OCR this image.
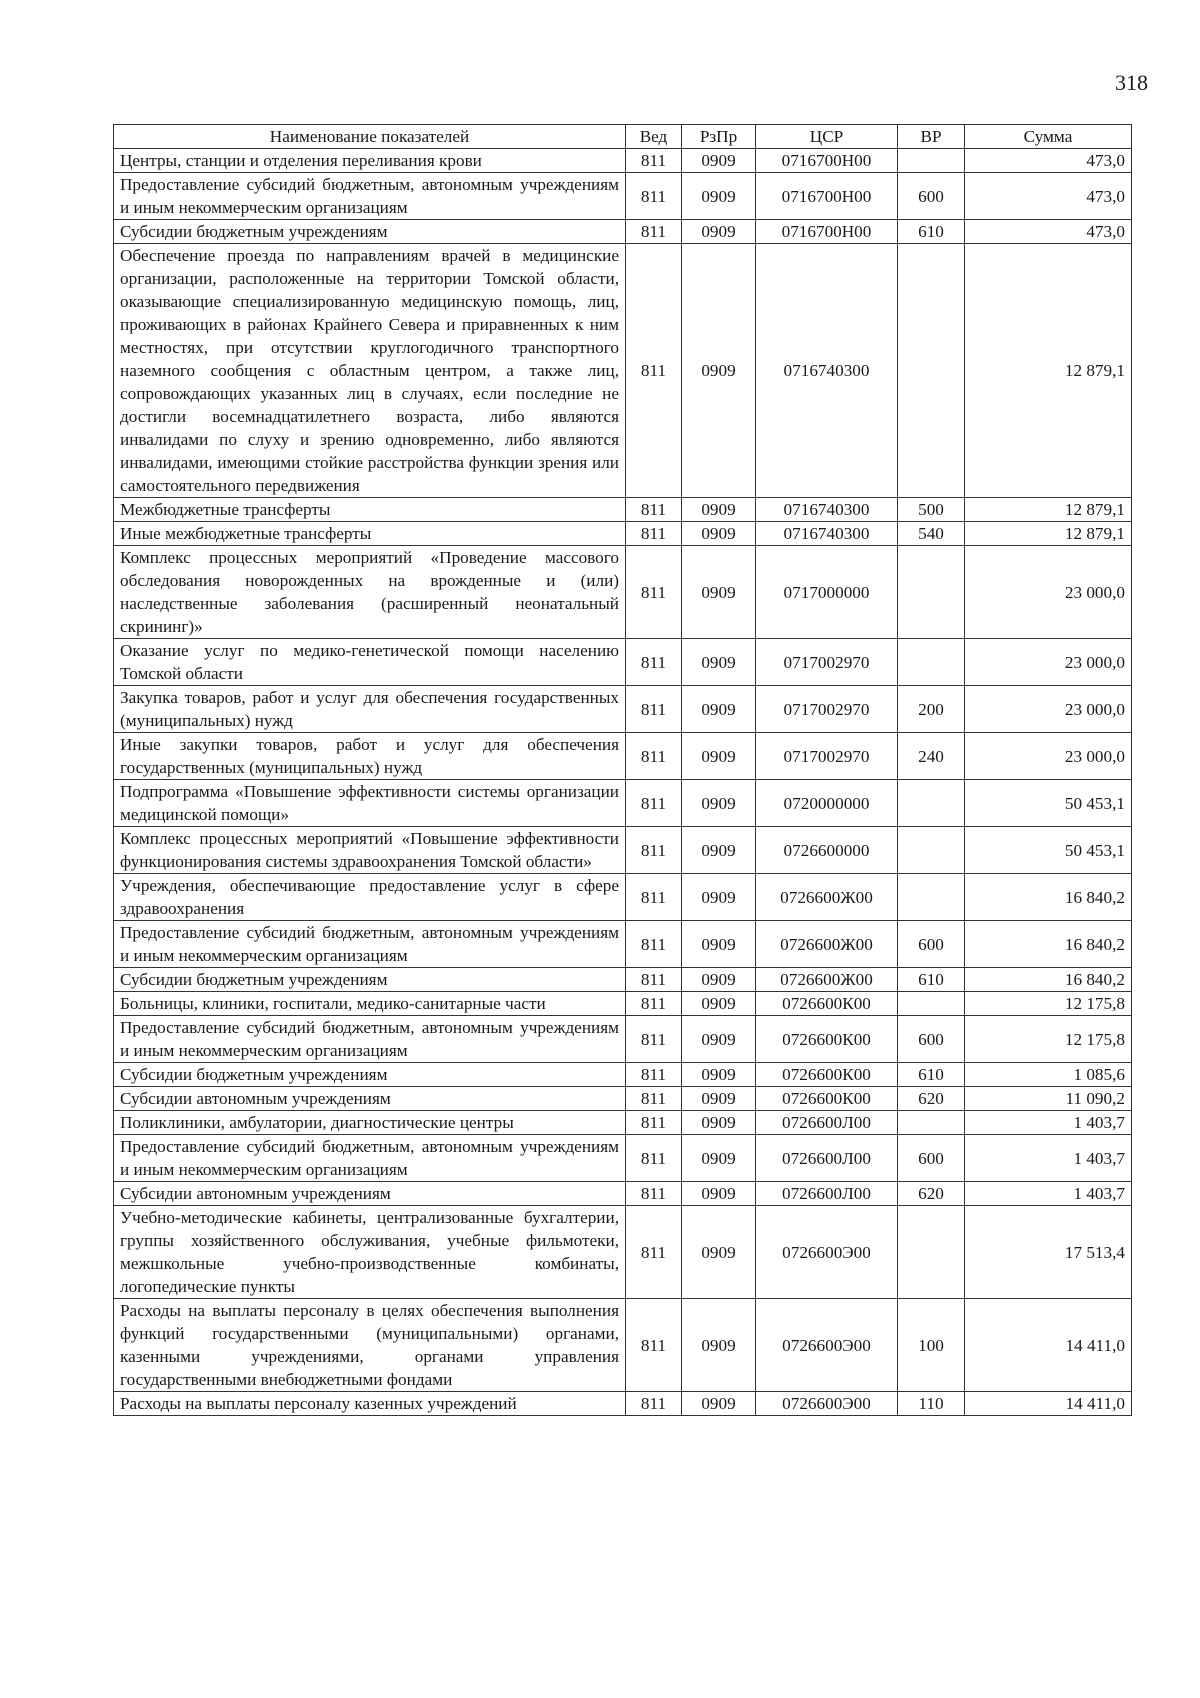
318
Наименование показателей	Вед	РзПр	ЦСР	ВР	Сумма
Центры, станции и отделения переливания крови	811	0909	0716700Н00		473,0
Предоставление субсидий бюджетным, автономным учреждениям и иным некоммерческим организациям	811	0909	0716700Н00	600	473,0
Субсидии бюджетным учреждениям	811	0909	0716700Н00	610	473,0
Обеспечение проезда по направлениям врачей в медицинские организации, расположенные на территории Томской области, оказывающие специализированную медицинскую помощь, лиц, проживающих в районах Крайнего Севера и приравненных к ним местностях, при отсутствии круглогодичного транспортного наземного сообщения с областным центром, а также лиц, сопровождающих указанных лиц в случаях, если последние не достигли восемнадцатилетнего возраста, либо являются инвалидами по слуху и зрению одновременно, либо являются инвалидами, имеющими стойкие расстройства функции зрения или самостоятельного передвижения	811	0909	0716740300		12 879,1
Межбюджетные трансферты	811	0909	0716740300	500	12 879,1
Иные межбюджетные трансферты	811	0909	0716740300	540	12 879,1
Комплекс процессных мероприятий «Проведение массового обследования новорожденных на врожденные и (или) наследственные заболевания (расширенный неонатальный скрининг)»	811	0909	0717000000		23 000,0
Оказание услуг по медико-генетической помощи населению Томской области	811	0909	0717002970		23 000,0
Закупка товаров, работ и услуг для обеспечения государственных (муниципальных) нужд	811	0909	0717002970	200	23 000,0
Иные закупки товаров, работ и услуг для обеспечения государственных (муниципальных) нужд	811	0909	0717002970	240	23 000,0
Подпрограмма «Повышение эффективности системы организации медицинской помощи»	811	0909	0720000000		50 453,1
Комплекс процессных мероприятий «Повышение эффективности функционирования системы здравоохранения Томской области»	811	0909	0726600000		50 453,1
Учреждения, обеспечивающие предоставление услуг в сфере здравоохранения	811	0909	0726600Ж00		16 840,2
Предоставление субсидий бюджетным, автономным учреждениям и иным некоммерческим организациям	811	0909	0726600Ж00	600	16 840,2
Субсидии бюджетным учреждениям	811	0909	0726600Ж00	610	16 840,2
Больницы, клиники, госпитали, медико-санитарные части	811	0909	0726600К00		12 175,8
Предоставление субсидий бюджетным, автономным учреждениям и иным некоммерческим организациям	811	0909	0726600К00	600	12 175,8
Субсидии бюджетным учреждениям	811	0909	0726600К00	610	1 085,6
Субсидии автономным учреждениям	811	0909	0726600К00	620	11 090,2
Поликлиники, амбулатории, диагностические центры	811	0909	0726600Л00		1 403,7
Предоставление субсидий бюджетным, автономным учреждениям и иным некоммерческим организациям	811	0909	0726600Л00	600	1 403,7
Субсидии автономным учреждениям	811	0909	0726600Л00	620	1 403,7
Учебно-методические кабинеты, централизованные бухгалтерии, группы хозяйственного обслуживания, учебные фильмотеки, межшкольные учебно-производственные комбинаты, логопедические пункты	811	0909	0726600Э00		17 513,4
Расходы на выплаты персоналу в целях обеспечения выполнения функций государственными (муниципальными) органами, казенными учреждениями, органами управления государственными внебюджетными фондами	811	0909	0726600Э00	100	14 411,0
Расходы на выплаты персоналу казенных учреждений	811	0909	0726600Э00	110	14 411,0
